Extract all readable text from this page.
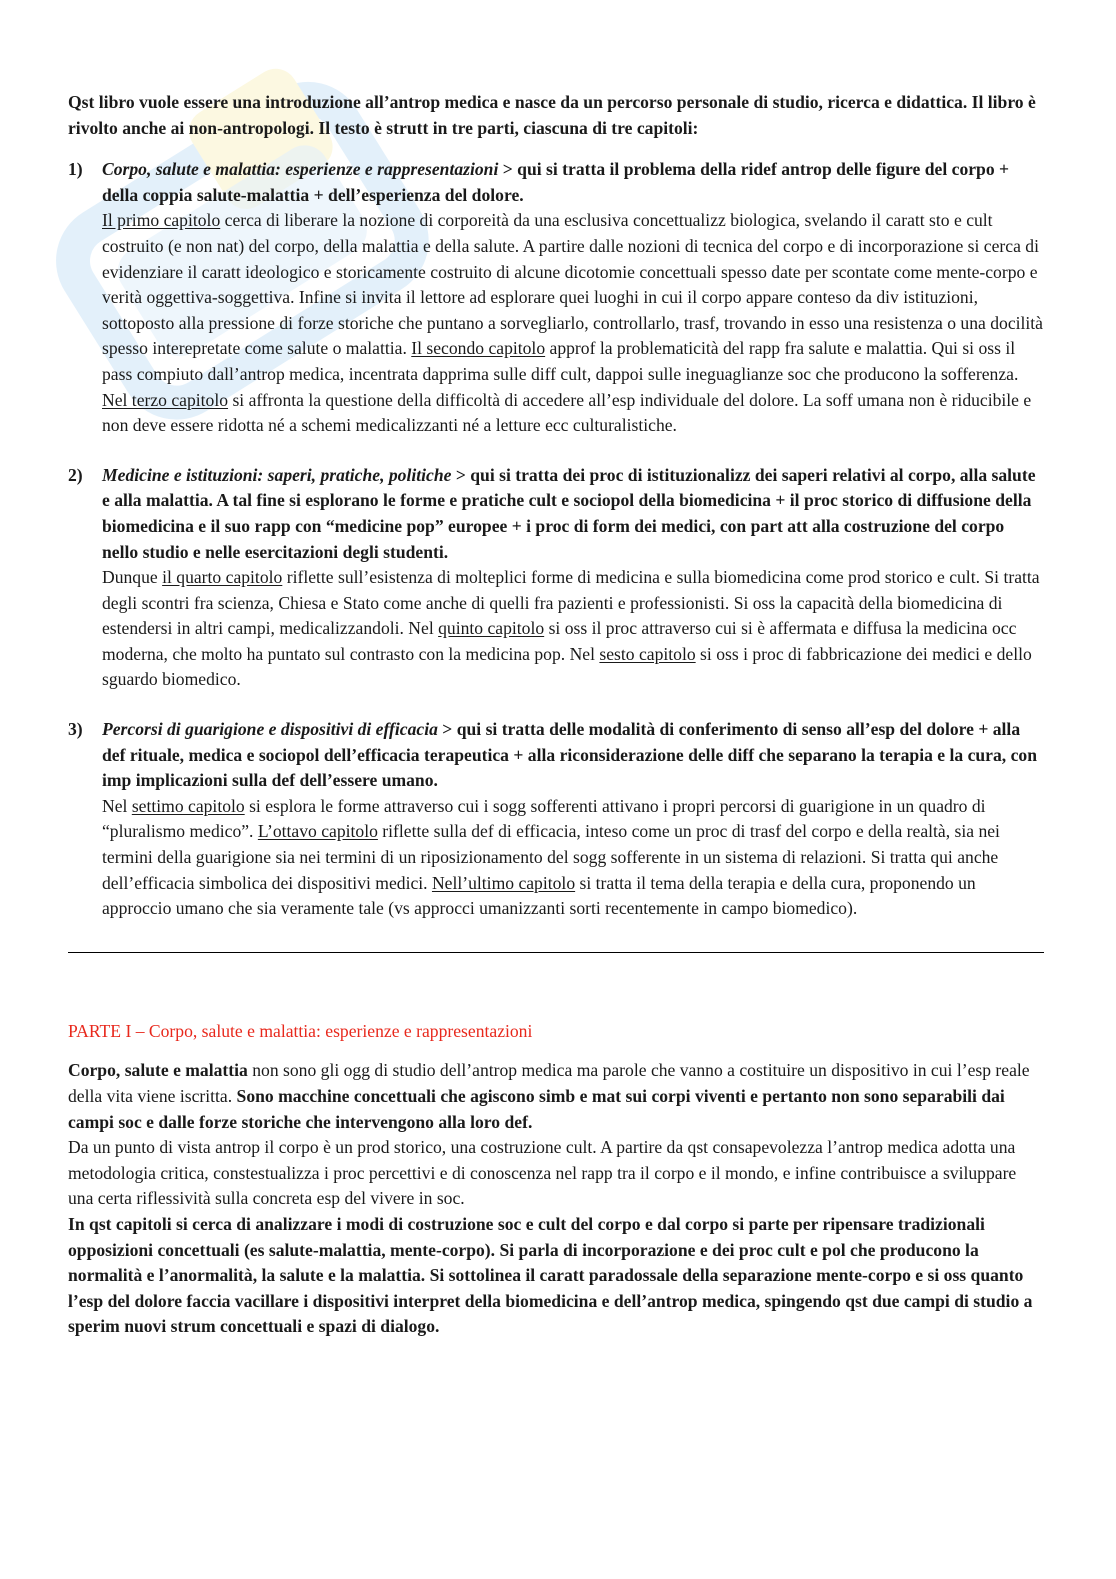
Qst libro vuole essere una introduzione all’antrop medica e nasce da un percorso personale di studio, ricerca e didattica. Il libro è rivolto anche ai non-antropologi. Il testo è strutt in tre parti, ciascuna di tre capitoli:

1) Corpo, salute e malattia: esperienze e rappresentazioni > qui si tratta il problema della ridef antrop delle figure del corpo + della coppia salute-malattia + dell’esperienza del dolore.

Il primo capitolo cerca di liberare la nozione di corporeità da una esclusiva concettualizz biologica, svelando il caratt sto e cult costruito (e non nat) del corpo, della malattia e della salute. A partire dalle nozioni di tecnica del corpo e di incorporazione si cerca di evidenziare il caratt ideologico e storicamente costruito di alcune dicotomie concettuali spesso date per scontate come mente-corpo e verità oggettiva-soggettiva. Infine si invita il lettore ad esplorare quei luoghi in cui il corpo appare conteso da div istituzioni, sottoposto alla pressione di forze storiche che puntano a sorvegliarlo, controllarlo, trasf, trovando in esso una resistenza o una docilità spesso interepretate come salute o malattia. Il secondo capitolo approf la problematicità del rapp fra salute e malattia. Qui si oss il pass compiuto dall’antrop medica, incentrata dapprima sulle diff cult, dappoi sulle ineguaglianze soc che producono la sofferenza. Nel terzo capitolo si affronta la questione della difficoltà di accedere all’esp individuale del dolore. La soff umana non è riducibile e non deve essere ridotta né a schemi medicalizzanti né a letture ecc culturalistiche.

2) Medicine e istituzioni: saperi, pratiche, politiche > qui si tratta dei proc di istituzionalizz dei saperi relativi al corpo, alla salute e alla malattia. A tal fine si esplorano le forme e pratiche cult e sociopol della biomedicina + il proc storico di diffusione della biomedicina e il suo rapp con “medicine pop” europee + i proc di form dei medici, con part att alla costruzione del corpo nello studio e nelle esercitazioni degli studenti.

Dunque il quarto capitolo riflette sull’esistenza di molteplici forme di medicina e sulla biomedicina come prod storico e cult. Si tratta degli scontri fra scienza, Chiesa e Stato come anche di quelli fra pazienti e professionisti. Si oss la capacità della biomedicina di estendersi in altri campi, medicalizzandoli. Nel quinto capitolo si oss il proc attraverso cui si è affermata e diffusa la medicina occ moderna, che molto ha puntato sul contrasto con la medicina pop. Nel sesto capitolo si oss i proc di fabbricazione dei medici e dello sguardo biomedico.

3) Percorsi di guarigione e dispositivi di efficacia > qui si tratta delle modalità di conferimento di senso all’esp del dolore + alla def rituale, medica e sociopol dell’efficacia terapeutica + alla riconsiderazione delle diff che separano la terapia e la cura, con imp implicazioni sulla def dell’essere umano.

Nel settimo capitolo si esplora le forme attraverso cui i sogg sofferenti attivano i propri percorsi di guarigione in un quadro di “pluralismo medico”. L’ottavo capitolo riflette sulla def di efficacia, inteso come un proc di trasf del corpo e della realtà, sia nei termini della guarigione sia nei termini di un riposizionamento del sogg sofferente in un sistema di relazioni. Si tratta qui anche dell’efficacia simbolica dei dispositivi medici. Nell’ultimo capitolo si tratta il tema della terapia e della cura, proponendo un approccio umano che sia veramente tale (vs approcci umanizzanti sorti recentemente in campo biomedico).

PARTE I – Corpo, salute e malattia: esperienze e rappresentazioni

Corpo, salute e malattia non sono gli ogg di studio dell’antrop medica ma parole che vanno a costituire un dispositivo in cui l’esp reale della vita viene iscritta. Sono macchine concettuali che agiscono simb e mat sui corpi viventi e pertanto non sono separabili dai campi soc e dalle forze storiche che intervengono alla loro def.

Da un punto di vista antrop il corpo è un prod storico, una costruzione cult. A partire da qst consapevolezza l’antrop medica adotta una metodologia critica, constestualizza i proc percettivi e di conoscenza nel rapp tra il corpo e il mondo, e infine contribuisce a sviluppare una certa riflessività sulla concreta esp del vivere in soc.

In qst capitoli si cerca di analizzare i modi di costruzione soc e cult del corpo e dal corpo si parte per ripensare tradizionali opposizioni concettuali (es salute-malattia, mente-corpo). Si parla di incorporazione e dei proc cult e pol che producono la normalità e l’anormalità, la salute e la malattia. Si sottolinea il caratt paradossale della separazione mente-corpo e si oss quanto l’esp del dolore faccia vacillare i dispositivi interpret della biomedicina e dell’antrop medica, spingendo qst due campi di studio a sperim nuovi strum concettuali e spazi di dialogo.
